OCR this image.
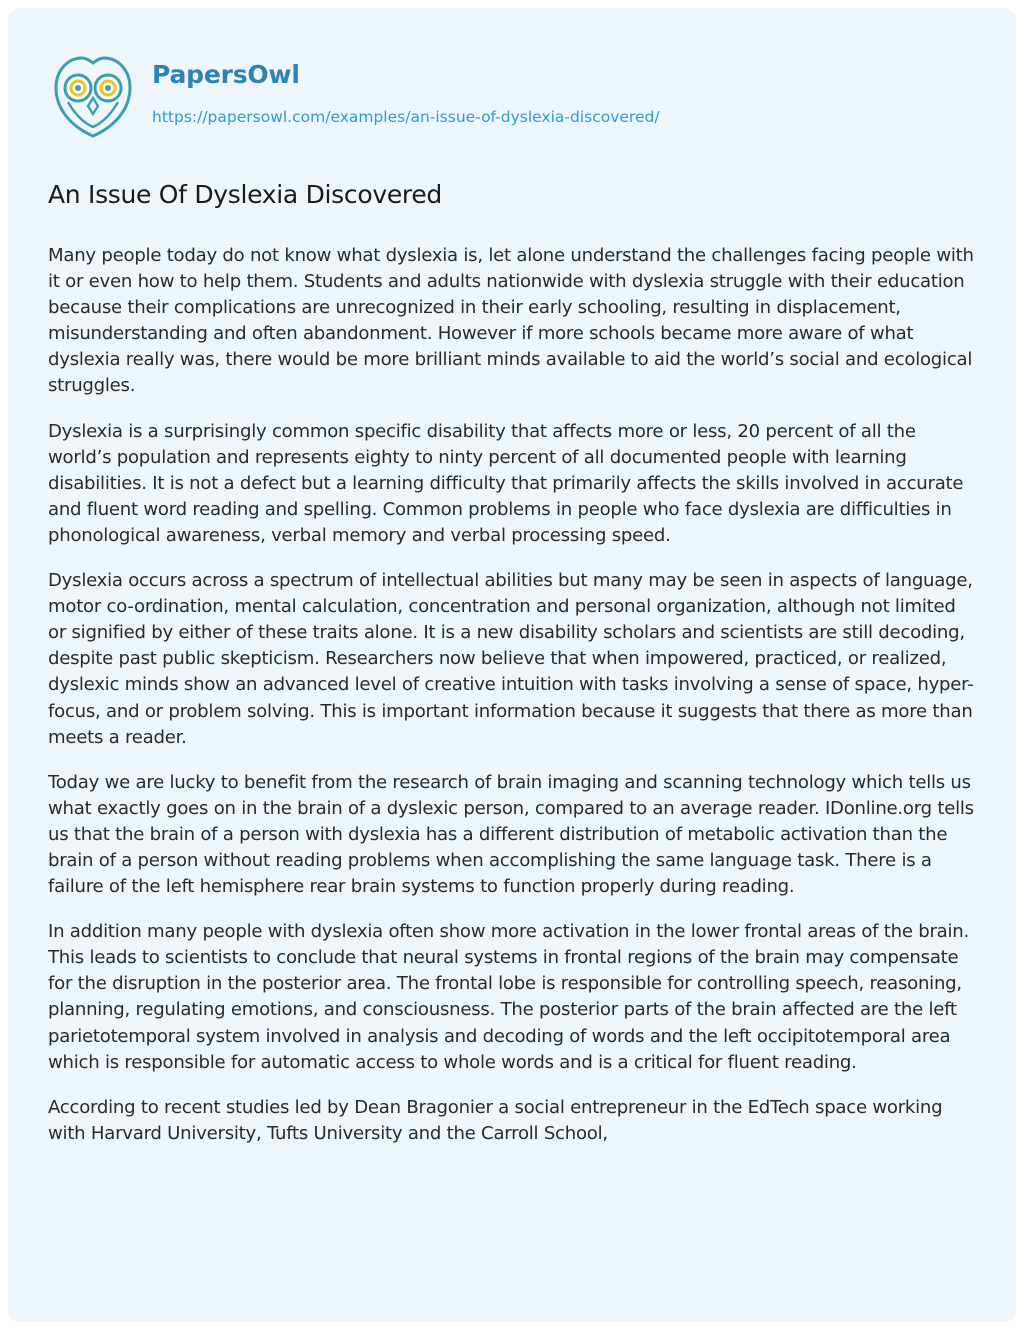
PapersOwl
https://papersowl.com/examples/an-issue-of-dyslexia-discovered/
An Issue Of Dyslexia Discovered

Many people today do not know what dyslexia is, let alone understand the challenges facing people with it or even how to help them. Students and adults nationwide with dyslexia struggle with their education because their complications are unrecognized in their early schooling, resulting in displacement, misunderstanding and often abandonment. However if more schools became more aware of what dyslexia really was, there would be more brilliant minds available to aid the world’s social and ecological struggles.

Dyslexia is a surprisingly common specific disability that affects more or less, 20 percent of all the world’s population and represents eighty to ninty percent of all documented people with learning disabilities. It is not a defect but a learning difficulty that primarily affects the skills involved in accurate and fluent word reading and spelling. Common problems in people who face dyslexia are difficulties in phonological awareness, verbal memory and verbal processing speed.

Dyslexia occurs across a spectrum of intellectual abilities but many may be seen in aspects of language, motor co-ordination, mental calculation, concentration and personal organization, although not limited or signified by either of these traits alone. It is a new disability scholars and scientists are still decoding, despite past public skepticism. Researchers now believe that when impowered, practiced, or realized, dyslexic minds show an advanced level of creative intuition with tasks involving a sense of space, hyper-focus, and or problem solving. This is important information because it suggests that there as more than meets a reader.

Today we are lucky to benefit from the research of brain imaging and scanning technology which tells us what exactly goes on in the brain of a dyslexic person, compared to an average reader. IDonline.org tells us that the brain of a person with dyslexia has a different distribution of metabolic activation than the brain of a person without reading problems when accomplishing the same language task. There is a failure of the left hemisphere rear brain systems to function properly during reading.

In addition many people with dyslexia often show more activation in the lower frontal areas of the brain. This leads to scientists to conclude that neural systems in frontal regions of the brain may compensate for the disruption in the posterior area. The frontal lobe is responsible for controlling speech, reasoning, planning, regulating emotions, and consciousness. The posterior parts of the brain affected are the left parietotemporal system involved in analysis and decoding of words and the left occipitotemporal area which is responsible for automatic access to whole words and is a critical for fluent reading.

According to recent studies led by Dean Bragonier a social entrepreneur in the EdTech space working with Harvard University, Tufts University and the Carroll School,
